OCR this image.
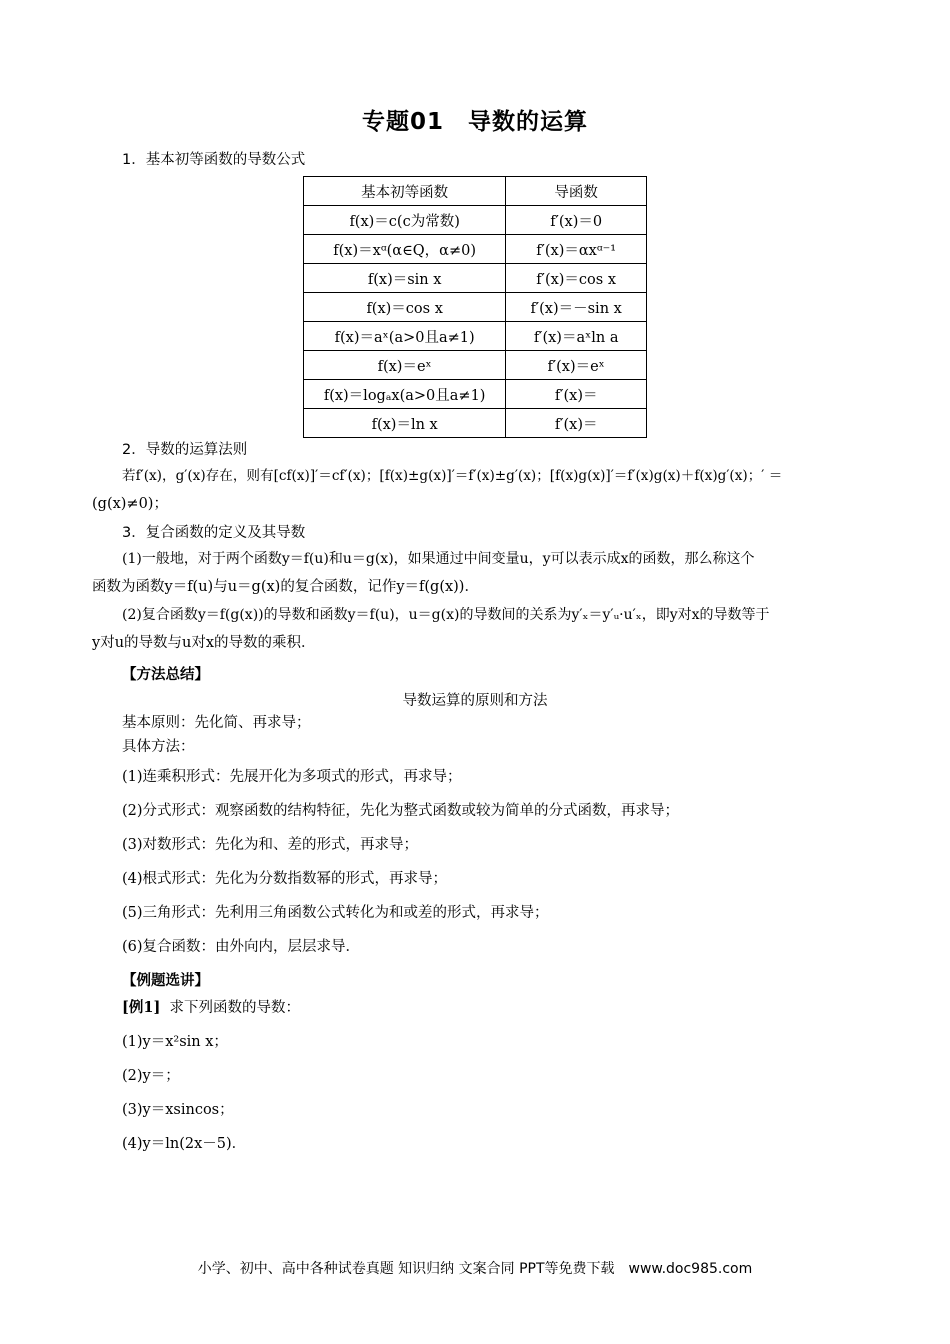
专题01　导数的运算
1．基本初等函数的导数公式
基本初等函数	导函数
f(x)＝c(c为常数)	f′(x)＝0
f(x)＝xᵅ(α∈Q，α≠0)	f′(x)＝αxᵅ⁻¹
f(x)＝sin x	f′(x)＝cos x
f(x)＝cos x	f′(x)＝－sin x
f(x)＝aˣ(a>0且a≠1)	f′(x)＝aˣln a
f(x)＝eˣ	f′(x)＝eˣ
f(x)＝logₐx(a>0且a≠1)	f′(x)＝
f(x)＝ln x	f′(x)＝
2．导数的运算法则
若f′(x)，g′(x)存在，则有[cf(x)]′＝cf′(x)；[f(x)±g(x)]′＝f′(x)±g′(x)；[f(x)g(x)]′＝f′(x)g(x)＋f(x)g′(x)；′ ＝
(g(x)≠0)；
3．复合函数的定义及其导数
(1)一般地，对于两个函数y＝f(u)和u＝g(x)，如果通过中间变量u，y可以表示成x的函数，那么称这个
函数为函数y＝f(u)与u＝g(x)的复合函数，记作y＝f(g(x))．
(2)复合函数y＝f(g(x))的导数和函数y＝f(u)，u＝g(x)的导数间的关系为y′ₓ＝y′ᵤ·u′ₓ，即y对x的导数等于
y对u的导数与u对x的导数的乘积．
【方法总结】
导数运算的原则和方法
基本原则：先化简、再求导；
具体方法：
(1)连乘积形式：先展开化为多项式的形式，再求导；
(2)分式形式：观察函数的结构特征，先化为整式函数或较为简单的分式函数，再求导；
(3)对数形式：先化为和、差的形式，再求导；
(4)根式形式：先化为分数指数幂的形式，再求导；
(5)三角形式：先利用三角函数公式转化为和或差的形式，再求导；
(6)复合函数：由外向内，层层求导．
【例题选讲】
[例1] 求下列函数的导数：
(1)y＝x²sin x；
(2)y＝；
(3)y＝xsincos；
(4)y＝ln(2x－5)．
小学、初中、高中各种试卷真题 知识归纳 文案合同 PPT等免费下载　www.doc985.com
